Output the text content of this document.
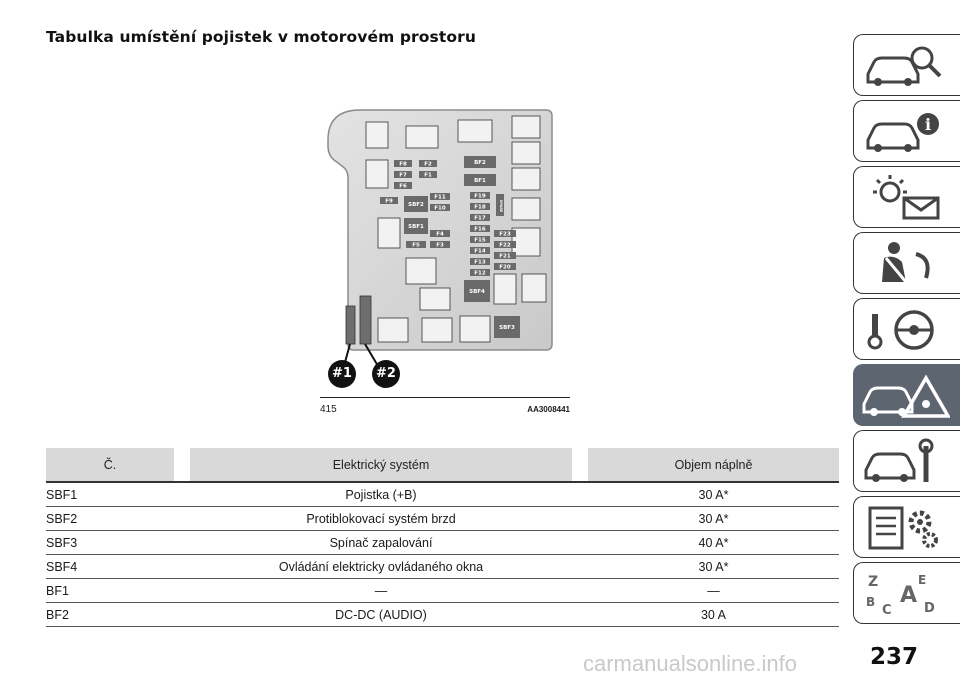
Tabulka umístění pojistek v motorovém prostoru
F8	F2
F7	F1
F6
F9
F11
F10
SBF2
SBF1
F4
F5	F3
BF2
BF1
F19
F18
F17
F16
F15
F14
F13
F12
F23
F22
F21
F20
SBF4
SBF3
SPARE
#1	#2
415	AA3008441
Č.		Elektrický systém		Objem náplně
SBF1		Pojistka (+B)		30 A*
SBF2		Protiblokovací systém brzd		30 A*
SBF3		Spínač zapalování		40 A*
SBF4		Ovládání elektricky ovládaného okna		30 A*
BF1		—		—
BF2		DC-DC (AUDIO)		30 A
i
Z	E
B
C
A
D
carmanualsonline.info	237
